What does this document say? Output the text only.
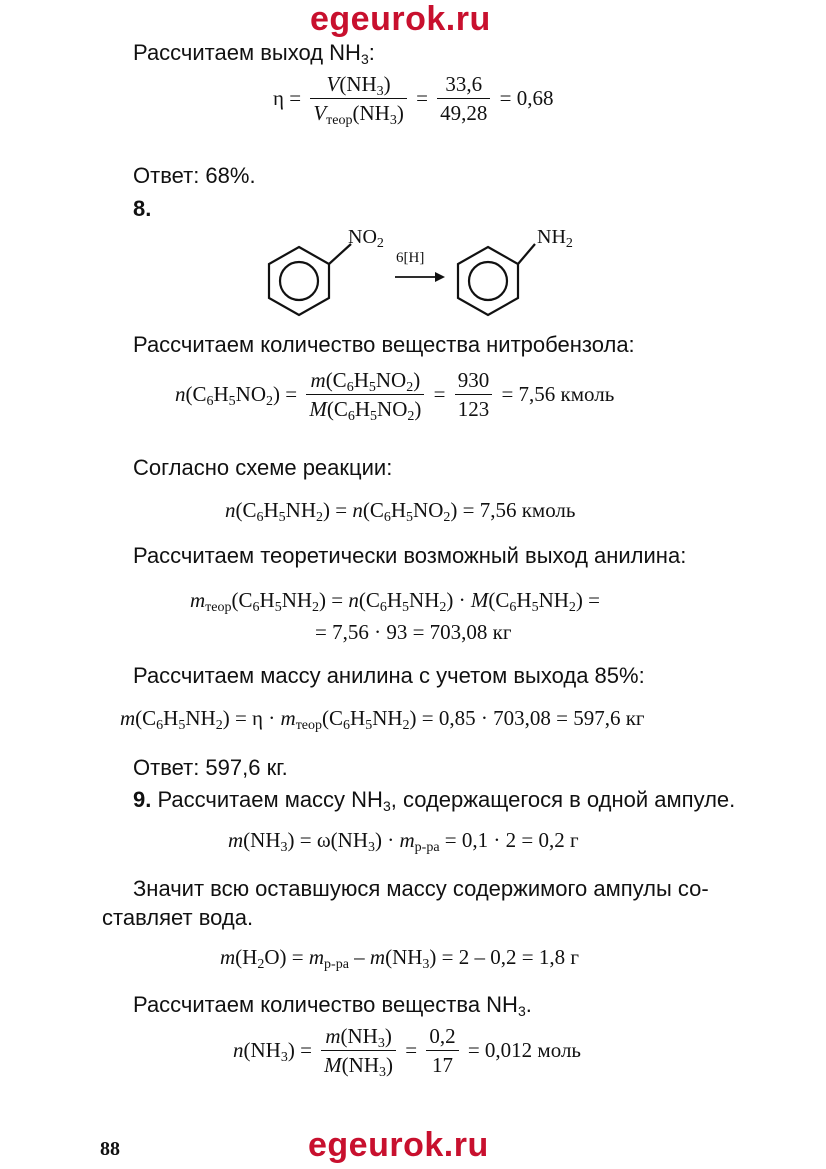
egeurok.ru
Рассчитаем выход $NH_3$:
$\eta = \frac{V(NH_3)}{V_{теор}(NH_3)} = \frac{33,6}{49,28} = 0,68$
Ответ: 68%.
8.
$NO_2$
6[H]
$NH_2$
Рассчитаем количество вещества нитробензола:
$n(C_6H_5NO_2) = \frac{m(C_6H_5NO_2)}{M(C_6H_5NO_2)} = \frac{930}{123} = 7,56$ кмоль
Согласно схеме реакции:
$n(C_6H_5NH_2) = n(C_6H_5NO_2) = 7,56$ кмоль
Рассчитаем теоретически возможный выход анилина:
$m_{теор}(C_6H_5NH_2) = n(C_6H_5NH_2) \cdot M(C_6H_5NH_2)$ =
= 7,56 · 93 = 703,08 кг
Рассчитаем массу анилина с учетом выхода 85%:
$m(C_6H_5NH_2) = \eta \cdot m_{теор}(C_6H_5NH_2) = 0,85 \cdot 703,08 = 597,6$ кг
Ответ: 597,6 кг.
9. Рассчитаем массу $NH_3$, содержащегося в одной ампуле.
$m(NH_3) = \omega(NH_3) \cdot m_{р-ра} = 0,1 \cdot 2 = 0,2$ г
Значит всю оставшуюся массу содержимого ампулы со-
ставляет вода.
$m(H_2O) = m_{р-ра} - m(NH_3) = 2 - 0,2 = 1,8$ г
Рассчитаем количество вещества $NH_3$.
$n(NH_3) = \frac{m(NH_3)}{M(NH_3)} = \frac{0,2}{17} = 0,012$ моль
88	egeurok.ru
